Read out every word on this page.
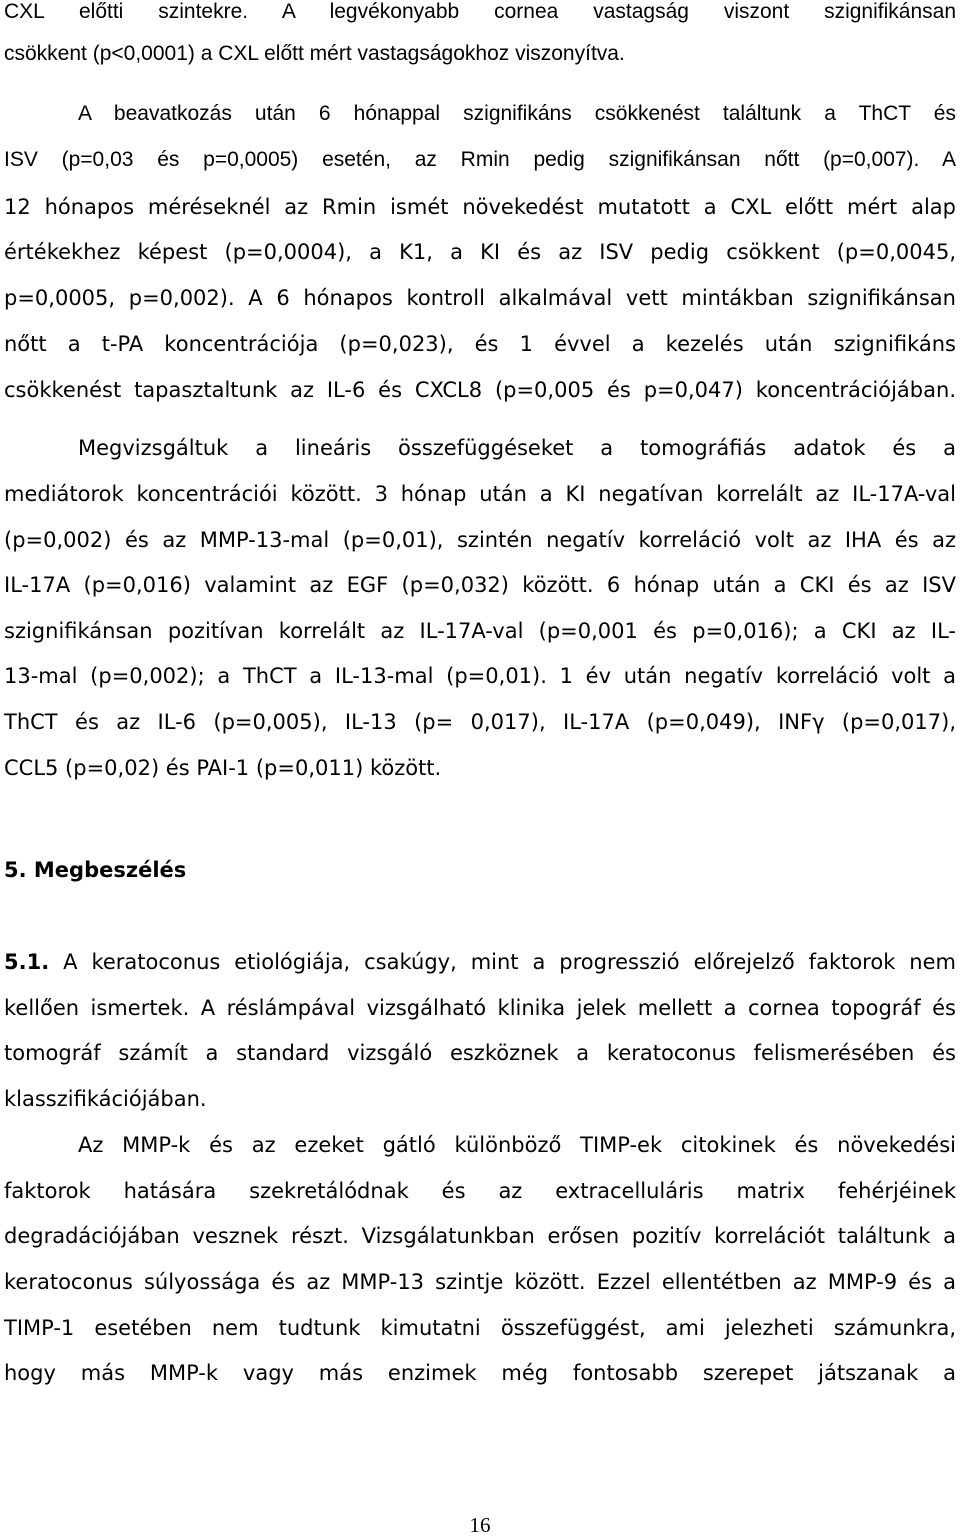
CXL előtti szintekre. A legvékonyabb cornea vastagság viszont szignifikánsan
csökkent (p<0,0001) a CXL előtt mért vastagságokhoz viszonyítva.
A beavatkozás után 6 hónappal szignifikáns csökkenést találtunk a ThCT és
ISV (p=0,03 és p=0,0005) esetén, az Rmin pedig szignifikánsan nőtt (p=0,007). A
12 hónapos méréseknél az Rmin ismét növekedést mutatott a CXL előtt mért alap
értékekhez képest (p=0,0004), a K1, a KI és az ISV pedig csökkent (p=0,0045,
p=0,0005, p=0,002). A 6 hónapos kontroll alkalmával vett mintákban szignifikánsan
nőtt a t-PA koncentrációja (p=0,023), és 1 évvel a kezelés után szignifikáns
csökkenést tapasztaltunk az IL-6 és CXCL8 (p=0,005 és p=0,047) koncentrációjában.
Megvizsgáltuk a lineáris összefüggéseket a tomográfiás adatok és a
mediátorok koncentrációi között. 3 hónap után a KI negatívan korrelált az IL-17A-val
(p=0,002) és az MMP-13-mal (p=0,01), szintén negatív korreláció volt az IHA és az
IL-17A (p=0,016) valamint az EGF (p=0,032) között. 6 hónap után a CKI és az ISV
szignifikánsan pozitívan korrelált az IL-17A-val (p=0,001 és p=0,016); a CKI az IL-
13-mal (p=0,002); a ThCT a IL-13-mal (p=0,01). 1 év után negatív korreláció volt a
ThCT és az IL-6 (p=0,005), IL-13 (p= 0,017), IL-17A (p=0,049), INFγ (p=0,017),
CCL5 (p=0,02) és PAI-1 (p=0,011) között.
5. Megbeszélés
5.1. A keratoconus etiológiája, csakúgy, mint a progresszió előrejelző faktorok nem
kellően ismertek. A réslámpával vizsgálható klinika jelek mellett a cornea topográf és
tomográf számít a standard vizsgáló eszköznek a keratoconus felismerésében és
klasszifikációjában.
Az MMP-k és az ezeket gátló különböző TIMP-ek citokinek és növekedési
faktorok hatására szekretálódnak és az extracelluláris matrix fehérjéinek
degradációjában vesznek részt. Vizsgálatunkban erősen pozitív korrelációt találtunk a
keratoconus súlyossága és az MMP-13 szintje között. Ezzel ellentétben az MMP-9 és a
TIMP-1 esetében nem tudtunk kimutatni összefüggést, ami jelezheti számunkra,
hogy más MMP-k vagy más enzimek még fontosabb szerepet játszanak a
16
